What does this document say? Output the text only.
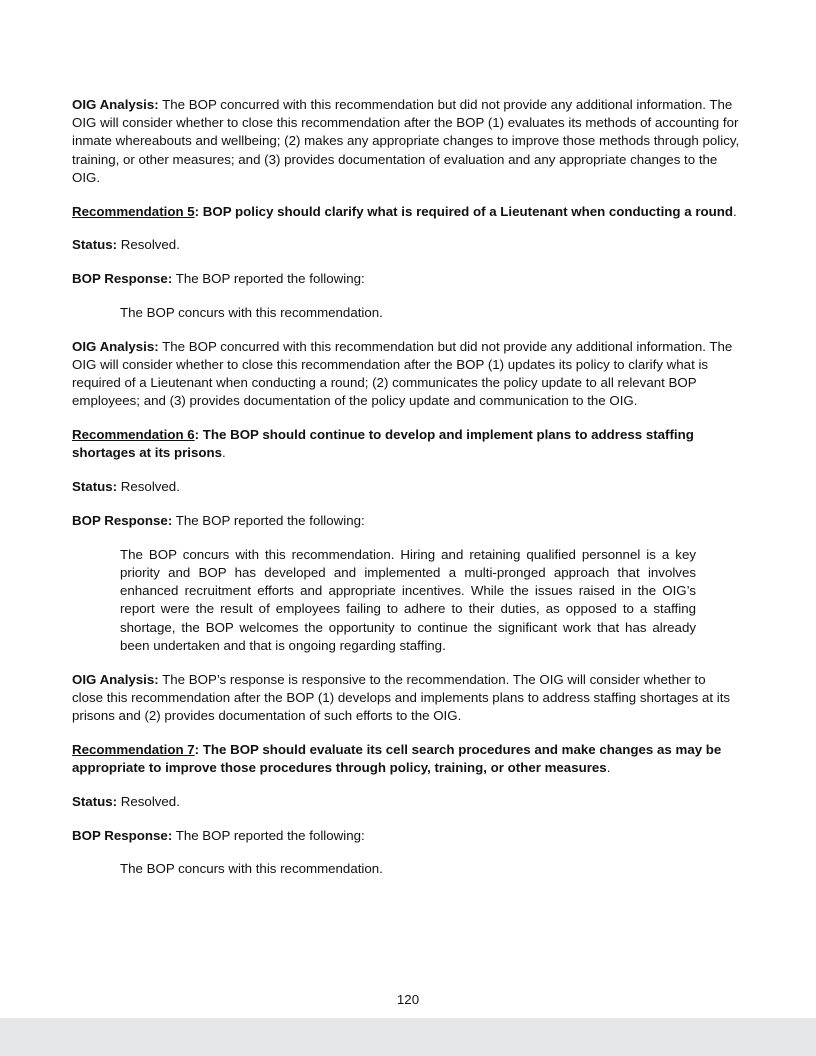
OIG Analysis: The BOP concurred with this recommendation but did not provide any additional information. The OIG will consider whether to close this recommendation after the BOP (1) evaluates its methods of accounting for inmate whereabouts and wellbeing; (2) makes any appropriate changes to improve those methods through policy, training, or other measures; and (3) provides documentation of evaluation and any appropriate changes to the OIG.

Recommendation 5: BOP policy should clarify what is required of a Lieutenant when conducting a round.

Status: Resolved.

BOP Response: The BOP reported the following:

The BOP concurs with this recommendation.

OIG Analysis: The BOP concurred with this recommendation but did not provide any additional information. The OIG will consider whether to close this recommendation after the BOP (1) updates its policy to clarify what is required of a Lieutenant when conducting a round; (2) communicates the policy update to all relevant BOP employees; and (3) provides documentation of the policy update and communication to the OIG.

Recommendation 6: The BOP should continue to develop and implement plans to address staffing shortages at its prisons.

Status: Resolved.

BOP Response: The BOP reported the following:

The BOP concurs with this recommendation. Hiring and retaining qualified personnel is a key priority and BOP has developed and implemented a multi-pronged approach that involves enhanced recruitment efforts and appropriate incentives. While the issues raised in the OIG’s report were the result of employees failing to adhere to their duties, as opposed to a staffing shortage, the BOP welcomes the opportunity to continue the significant work that has already been undertaken and that is ongoing regarding staffing.

OIG Analysis: The BOP’s response is responsive to the recommendation. The OIG will consider whether to close this recommendation after the BOP (1) develops and implements plans to address staffing shortages at its prisons and (2) provides documentation of such efforts to the OIG.

Recommendation 7: The BOP should evaluate its cell search procedures and make changes as may be appropriate to improve those procedures through policy, training, or other measures.

Status: Resolved.

BOP Response: The BOP reported the following:

The BOP concurs with this recommendation.

120
